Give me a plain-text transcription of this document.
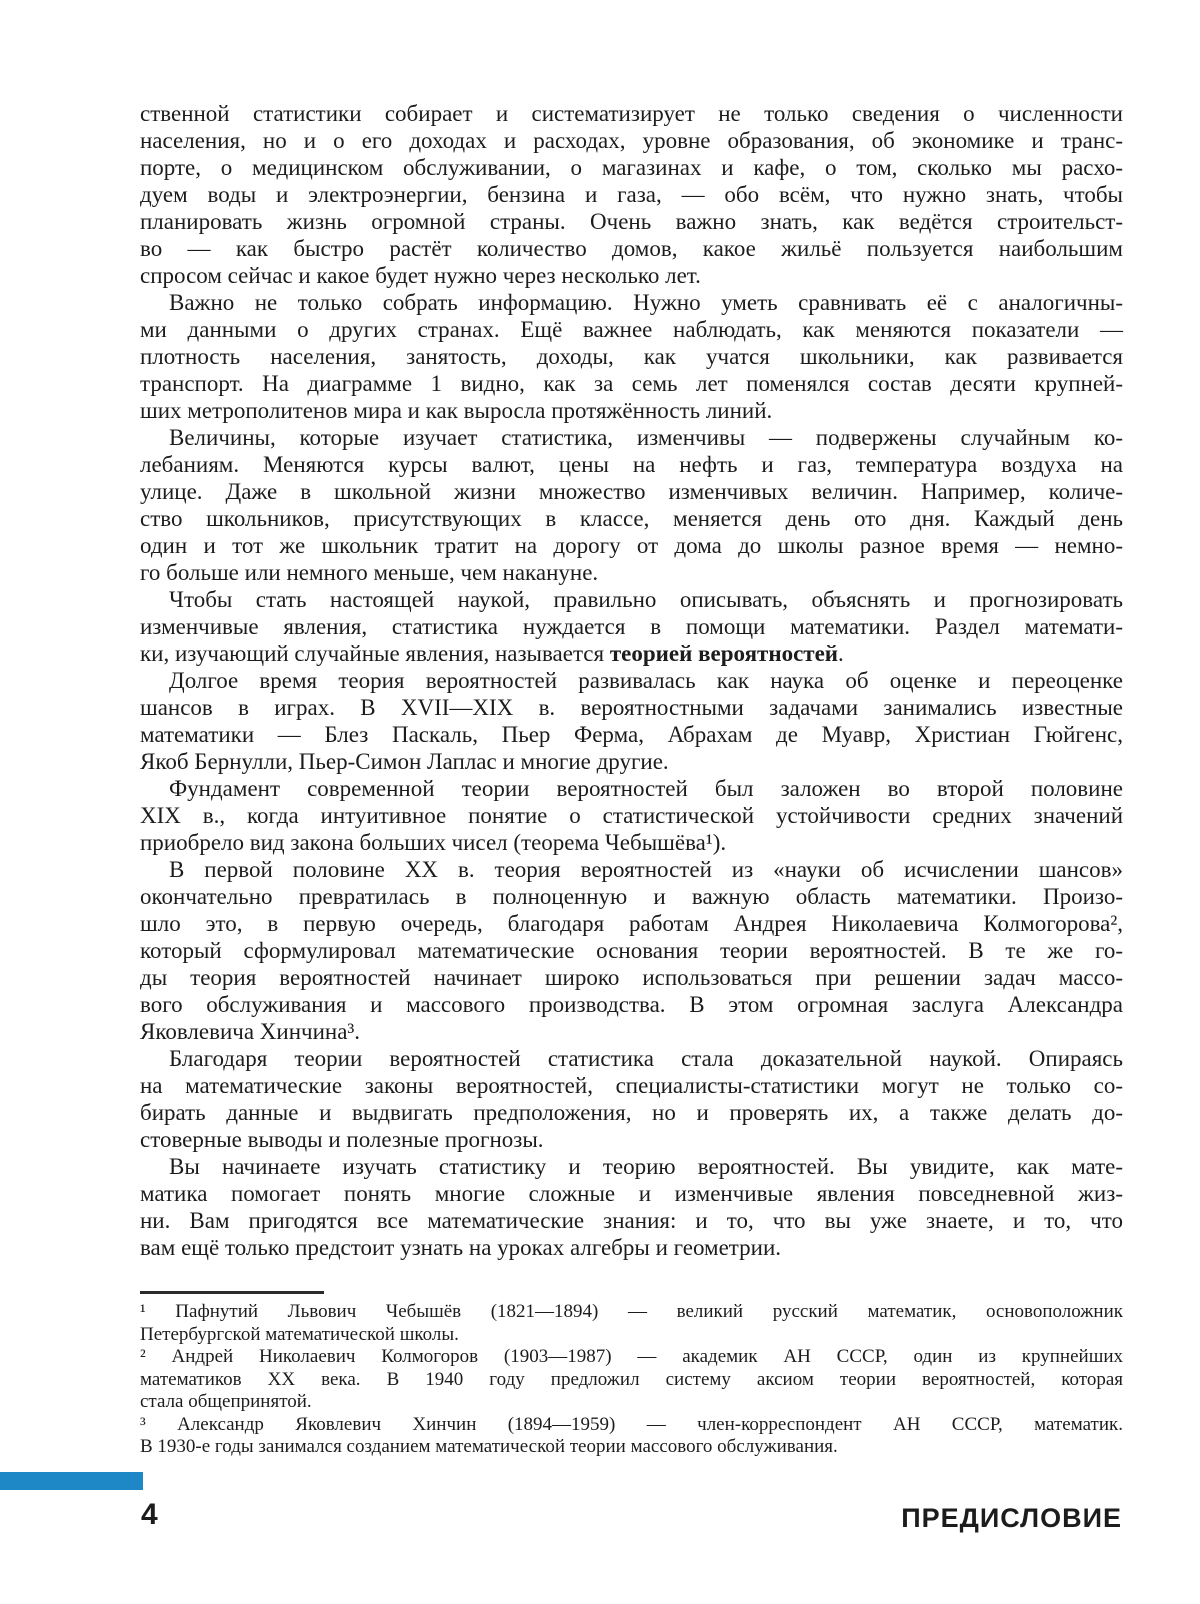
ственной статистики собирает и систематизирует не только сведения о численности
населения, но и о его доходах и расходах, уровне образования, об экономике и транс-
порте, о медицинском обслуживании, о магазинах и кафе, о том, сколько мы расхо-
дуем воды и электроэнергии, бензина и газа, — обо всём, что нужно знать, чтобы
планировать жизнь огромной страны. Очень важно знать, как ведётся строительст-
во — как быстро растёт количество домов, какое жильё пользуется наибольшим
спросом сейчас и какое будет нужно через несколько лет.
Важно не только собрать информацию. Нужно уметь сравнивать её с аналогичны-
ми данными о других странах. Ещё важнее наблюдать, как меняются показатели —
плотность населения, занятость, доходы, как учатся школьники, как развивается
транспорт. На диаграмме 1 видно, как за семь лет поменялся состав десяти крупней-
ших метрополитенов мира и как выросла протяжённость линий.
Величины, которые изучает статистика, изменчивы — подвержены случайным ко-
лебаниям. Меняются курсы валют, цены на нефть и газ, температура воздуха на
улице. Даже в школьной жизни множество изменчивых величин. Например, количе-
ство школьников, присутствующих в классе, меняется день ото дня. Каждый день
один и тот же школьник тратит на дорогу от дома до школы разное время — немно-
го больше или немного меньше, чем накануне.
Чтобы стать настоящей наукой, правильно описывать, объяснять и прогнозировать
изменчивые явления, статистика нуждается в помощи математики. Раздел математи-
ки, изучающий случайные явления, называется теорией вероятностей.
Долгое время теория вероятностей развивалась как наука об оценке и переоценке
шансов в играх. В XVII—XIX в. вероятностными задачами занимались известные
математики — Блез Паскаль, Пьер Ферма, Абрахам де Муавр, Христиан Гюйгенс,
Якоб Бернулли, Пьер-Симон Лаплас и многие другие.
Фундамент современной теории вероятностей был заложен во второй половине
XIX в., когда интуитивное понятие о статистической устойчивости средних значений
приобрело вид закона больших чисел (теорема Чебышёва¹).
В первой половине XX в. теория вероятностей из «науки об исчислении шансов»
окончательно превратилась в полноценную и важную область математики. Произо-
шло это, в первую очередь, благодаря работам Андрея Николаевича Колмогорова²,
который сформулировал математические основания теории вероятностей. В те же го-
ды теория вероятностей начинает широко использоваться при решении задач массо-
вого обслуживания и массового производства. В этом огромная заслуга Александра
Яковлевича Хинчина³.
Благодаря теории вероятностей статистика стала доказательной наукой. Опираясь
на математические законы вероятностей, специалисты-статистики могут не только со-
бирать данные и выдвигать предположения, но и проверять их, а также делать до-
стоверные выводы и полезные прогнозы.
Вы начинаете изучать статистику и теорию вероятностей. Вы увидите, как мате-
матика помогает понять многие сложные и изменчивые явления повседневной жиз-
ни. Вам пригодятся все математические знания: и то, что вы уже знаете, и то, что
вам ещё только предстоит узнать на уроках алгебры и геометрии.
¹ Пафнутий Львович Чебышёв (1821—1894) — великий русский математик, основоположник
Петербургской математической школы.
² Андрей Николаевич Колмогоров (1903—1987) — академик АН СССР, один из крупнейших
математиков XX века. В 1940 году предложил систему аксиом теории вероятностей, которая
стала общепринятой.
³ Александр Яковлевич Хинчин (1894—1959) — член-корреспондент АН СССР, математик.
В 1930-е годы занимался созданием математической теории массового обслуживания.
4	ПРЕДИСЛОВИЕ
